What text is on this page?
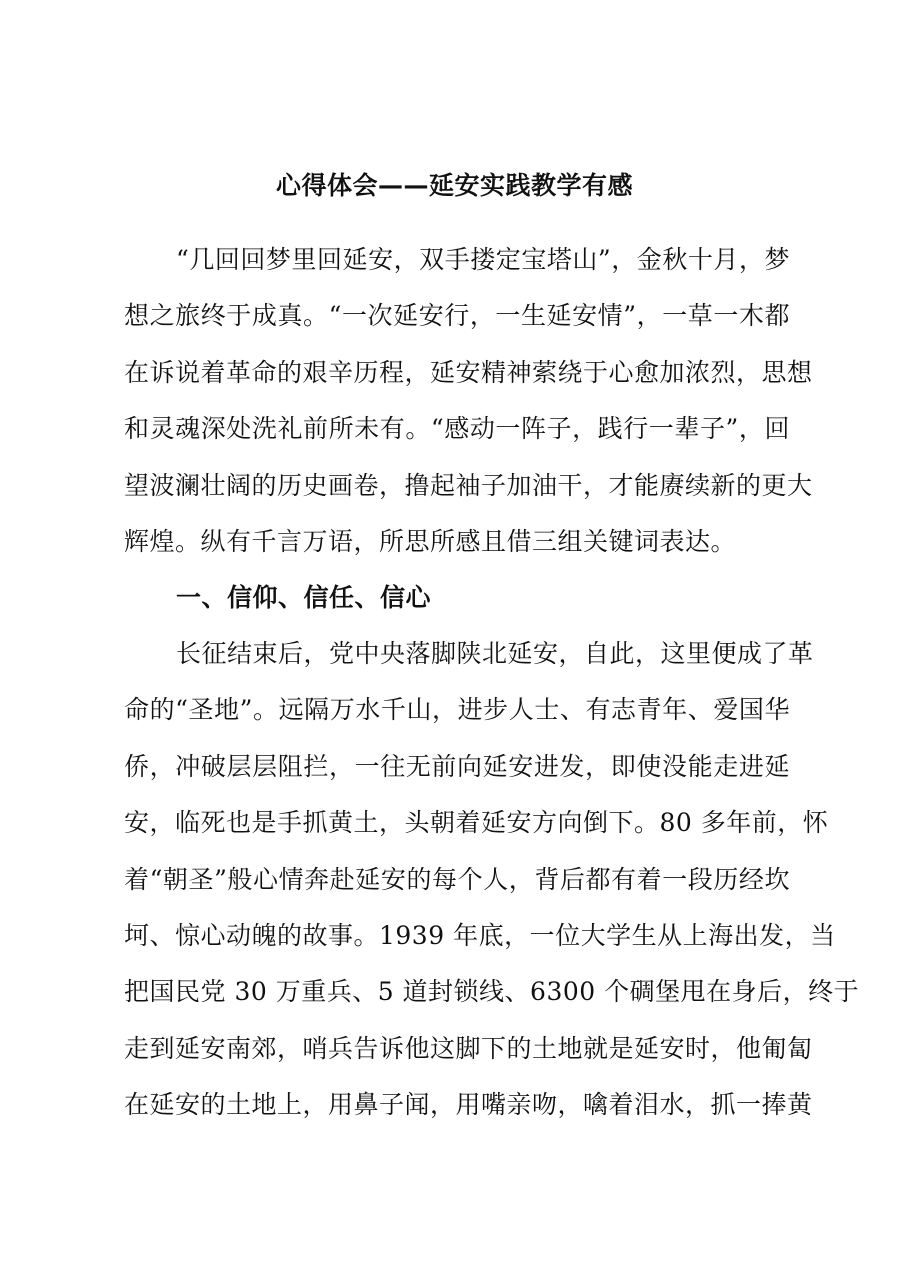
心得体会——延安实践教学有感
“几回回梦里回延安，双手搂定宝塔山”，金秋十月，梦
想之旅终于成真。“一次延安行，一生延安情”，一草一木都
在诉说着革命的艰辛历程，延安精神萦绕于心愈加浓烈，思想
和灵魂深处洗礼前所未有。“感动一阵子，践行一辈子”，回
望波澜壮阔的历史画卷，撸起袖子加油干，才能赓续新的更大
辉煌。纵有千言万语，所思所感且借三组关键词表达。
一、信仰、信任、信心
长征结束后，党中央落脚陕北延安，自此，这里便成了革
命的“圣地”。远隔万水千山，进步人士、有志青年、爱国华
侨，冲破层层阻拦，一往无前向延安进发，即使没能走进延
安，临死也是手抓黄土，头朝着延安方向倒下。80 多年前，怀
着“朝圣”般心情奔赴延安的每个人，背后都有着一段历经坎
坷、惊心动魄的故事。1939 年底，一位大学生从上海出发，当
把国民党 30 万重兵、5 道封锁线、6300 个碉堡甩在身后，终于
走到延安南郊，哨兵告诉他这脚下的土地就是延安时，他匍匐
在延安的土地上，用鼻子闻，用嘴亲吻，噙着泪水，抓一捧黄
